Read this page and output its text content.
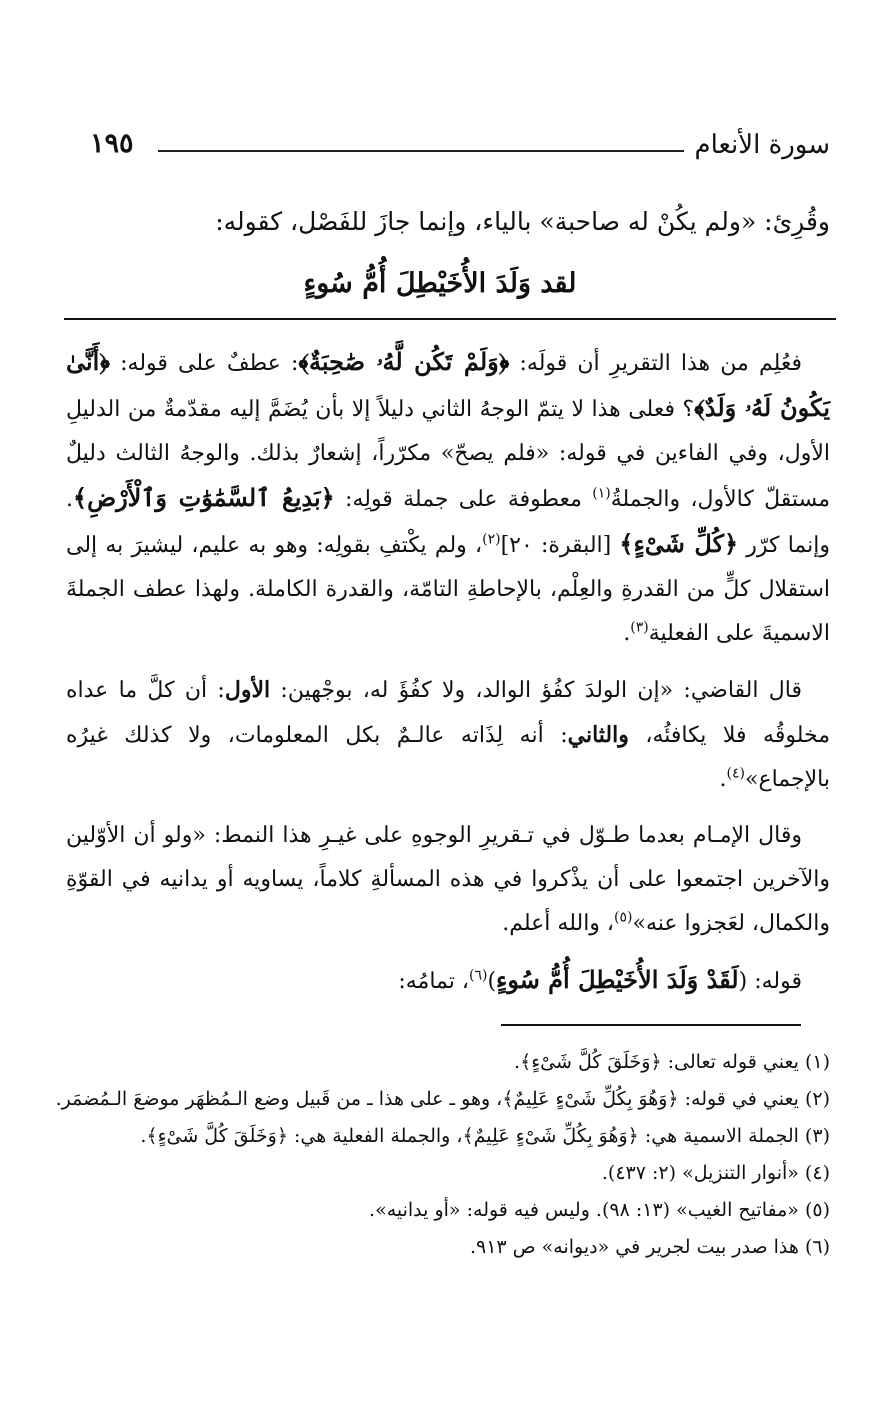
سورة الأنعام
١٩٥

وقُرِئ: «ولم يكُنْ له صاحبة» بالياء، وإنما جازَ للفَصْل، كقوله:

لقد وَلَدَ الأُخَيْطِلَ أُمُّ سُوءٍ

فعُلِم من هذا التقريرِ أن قولَه: ﴿وَلَمْ تَكُن لَّهُۥ صَٰحِبَةٌ﴾: عطفٌ على قوله: ﴿أَنَّىٰ يَكُونُ لَهُۥ وَلَدٌ﴾؟ فعلى هذا لا يتمّ الوجهُ الثاني دليلاً إلا بأن يُضَمَّ إليه مقدّمةٌ من الدليلِ الأول، وفي الفاءين في قوله: «فلم يصحّ» مكرّراً، إشعارٌ بذلك. والوجهُ الثالث دليلٌ مستقلّ كالأول، والجملةُ$^{(١)}$ معطوفة على جملة قولِه: ﴿بَدِيعُ ٱلسَّمَٰوَٰتِ وَٱلْأَرْضِ﴾. وإنما كرّر ﴿كُلِّ شَىْءٍ﴾ [البقرة: ٢٠]$^{(٢)}$، ولم يكْتفِ بقولِه: وهو به عليم، ليشيرَ به إلى استقلال كلٍّ من القدرةِ والعِلْم، بالإحاطةِ التامّة، والقدرة الكاملة. ولهذا عطف الجملةَ الاسميةَ على الفعلية$^{(٣)}$.

قال القاضي: «إن الولدَ كفُؤ الوالد، ولا كفُؤَ له، بوجْهين: الأول: أن كلَّ ما عداه مخلوقُه فلا يكافئُه، والثاني: أنه لِذَاته عالـمٌ بكل المعلومات، ولا كذلك غيرُه بالإجماع»$^{(٤)}$.

وقال الإمـام بعدما طـوّل في تـقريرِ الوجوهِ على غيـرِ هذا النمط: «ولو أن الأوّلين والآخرين اجتمعوا على أن يذْكروا في هذه المسألةِ كلاماً، يساويه أو يدانيه في القوّةِ والكمال، لعَجزوا عنه»$^{(٥)}$، والله أعلم.

قوله: (لَقَدْ وَلَدَ الأُخَيْطِلَ أُمُّ سُوءٍ)$^{(٦)}$، تمامُه:

(١) يعني قوله تعالى: ﴿وَخَلَقَ كُلَّ شَىْءٍ﴾.

(٢) يعني في قوله: ﴿وَهُوَ بِكُلِّ شَىْءٍ عَلِيمٌ﴾، وهو ـ على هذا ـ من قَبيل وضع الـمُظهَر موضعَ الـمُضمَر.

(٣) الجملة الاسمية هي: ﴿وَهُوَ بِكُلِّ شَىْءٍ عَلِيمٌ﴾، والجملة الفعلية هي: ﴿وَخَلَقَ كُلَّ شَىْءٍ﴾.

(٤) «أنوار التنزيل» (٢: ٤٣٧).

(٥) «مفاتيح الغيب» (١٣: ٩٨). وليس فيه قوله: «أو يدانيه».

(٦) هذا صدر بيت لجرير في «ديوانه» ص ٩١٣.
